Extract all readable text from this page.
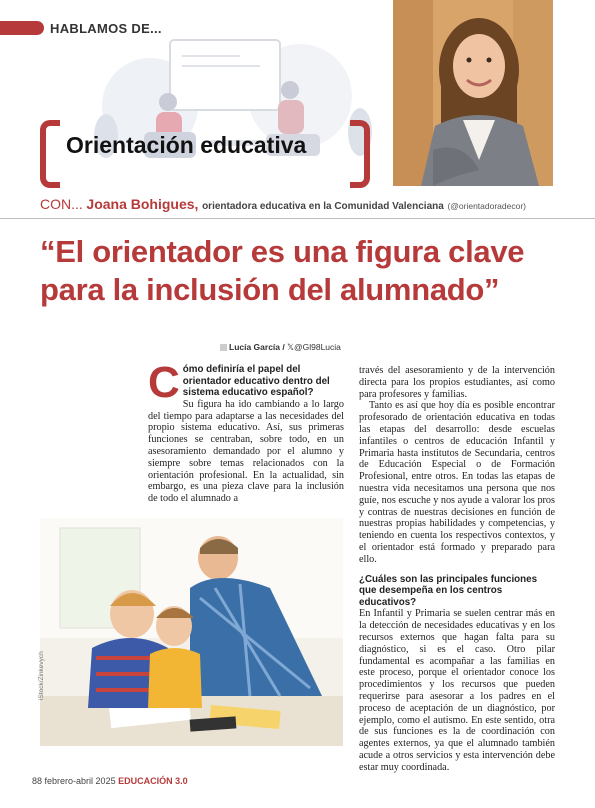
HABLAMOS DE...
Orientación educativa
CON... Joana Bohigues, orientadora educativa en la Comunidad Valenciana (@orientadoradecor)
“El orientador es una figura clave para la inclusión del alumnado”
Lucía García / 𝕏@Gl98Lucia

Cómo definiría el papel del orientador educativo dentro del sistema educativo español?

Su figura ha ido cambiando a lo largo del tiempo para adaptarse a las necesidades del propio sistema educativo. Así, sus primeras funciones se centraban, sobre todo, en un asesoramiento demandado por el alumno y siempre sobre temas relacionados con la orientación profesional. En la actualidad, sin embargo, es una pieza clave para la inclusión de todo el alumnado a

través del asesoramiento y de la intervención directa para los propios estudiantes, así como para profesores y familias.

Tanto es así que hoy día es posible encontrar profesorado de orientación educativa en todas las etapas del desarrollo: desde escuelas infantiles o centros de educación Infantil y Primaria hasta institutos de Secundaria, centros de Educación Especial o de Formación Profesional, entre otros. En todas las etapas de nuestra vida necesitamos una persona que nos guíe, nos escuche y nos ayude a valorar los pros y contras de nuestras decisiones en función de nuestras propias habilidades y competencias, y teniendo en cuenta los respectivos contextos, y el orientador está formado y preparado para ello.

¿Cuáles son las principales funciones que desempeña en los centros educativos?

En Infantil y Primaria se suelen centrar más en la detección de necesidades educativas y en los recursos externos que hagan falta para su diagnóstico, si es el caso. Otro pilar fundamental es acompañar a las familias en este proceso, porque el orientador conoce los procedimientos y los recursos que pueden requerirse para asesorar a los padres en el proceso de aceptación de un diagnóstico, por ejemplo, como el autismo. En este sentido, otra de sus funciones es la de coordinación con agentes externos, ya que el alumnado también acude a otros servicios y esta intervención debe estar muy coordinada.

iStock/Zinkevych
88 febrero-abril 2025 EDUCACIÓN 3.0
